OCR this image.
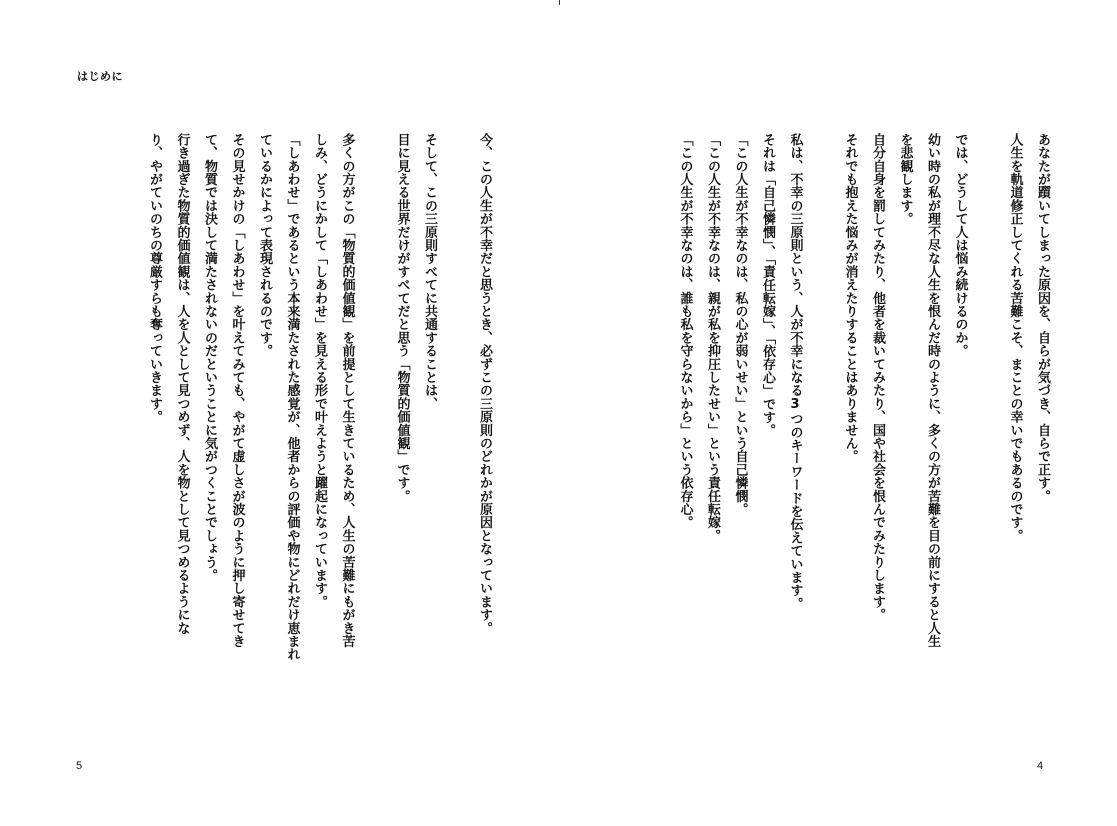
はじめに

あなたが躓いてしまった原因を、自らが気づき、自らで正す。

人生を軌道修正してくれる苦難こそ、まことの幸いでもあるのです。

では、どうして人は悩み続けるのか。

幼い時の私が理不尽な人生を恨んだ時のように、多くの方が苦難を目の前にすると人生

を悲観します。

自分自身を罰してみたり、他者を裁いてみたり、国や社会を恨んでみたりします。

それでも抱えた悩みが消えたりすることはありません。

私は、不幸の三原則という、人が不幸になる3つのキーワードを伝えています。

それは「自己憐憫」、「責任転嫁」、「依存心」です。

「この人生が不幸なのは、私の心が弱いせい」という自己憐憫。

「この人生が不幸なのは、親が私を抑圧したせい」という責任転嫁。

「この人生が不幸なのは、誰も私を守らないから」という依存心。

今、この人生が不幸だと思うとき、必ずこの三原則のどれかが原因となっています。

そして、この三原則すべてに共通することは、

目に見える世界だけがすべてだと思う「物質的価値観」です。

多くの方がこの「物質的価値観」を前提として生きているため、人生の苦難にもがき苦

しみ、どうにかして「しあわせ」を見える形で叶えようと躍起になっています。

「しあわせ」であるという本来満たされた感覚が、他者からの評価や物にどれだけ恵まれ

ているかによって表現されるのです。

その見せかけの「しあわせ」を叶えてみても、やがて虚しさが波のように押し寄せてき

て、物質では決して満たされないのだということに気がつくことでしょう。

行き過ぎた物質的価値観は、人を人として見つめず、人を物として見つめるようにな

り、やがていのちの尊厳すらも奪っていきます。

5	4
